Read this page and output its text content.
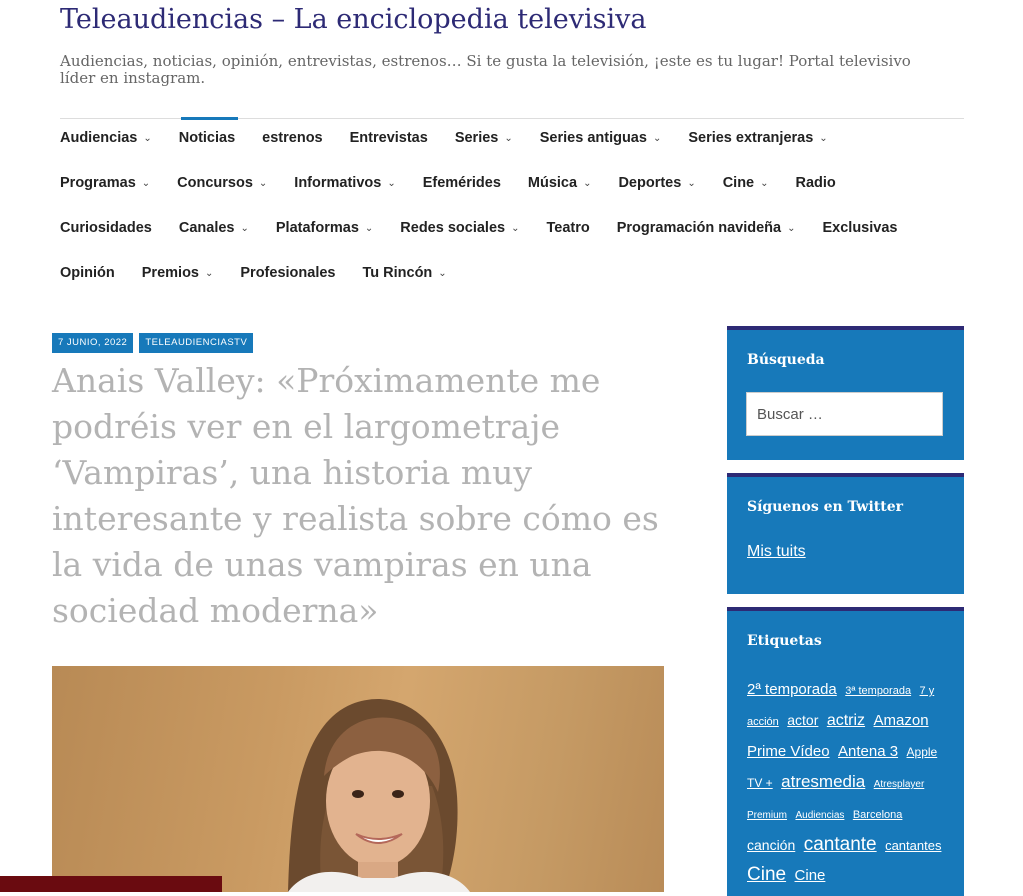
Teleaudiencias – La enciclopedia televisiva

Audiencias, noticias, opinión, entrevistas, estrenos… Si te gusta la televisión, ¡este es tu lugar! Portal televisivo líder en instagram.

Audiencias ⌄ Noticias estrenos Entrevistas Series ⌄ Series antiguas ⌄ Series extranjeras ⌄
Programas ⌄ Concursos ⌄ Informativos ⌄ Efemérides Música ⌄ Deportes ⌄ Cine ⌄ Radio
Curiosidades Canales ⌄ Plataformas ⌄ Redes sociales ⌄ Teatro Programación navideña ⌄ Exclusivas
Opinión Premios ⌄ Profesionales Tu Rincón ⌄
7 JUNIO, 2022	TELEAUDIENCIASTV
Anais Valley: «Próximamente me podréis ver en el largometraje ‘Vampiras’, una historia muy interesante y realista sobre cómo es la vida de unas vampiras en una sociedad moderna»
Búsqueda
Buscar …
Síguenos en Twitter
Mis tuits
Etiquetas
2ª temporada 3ª temporada 7 y acción actor actriz Amazon Prime Vídeo Antena 3 Apple TV + atresmedia Atresplayer Premium Audiencias Barcelona canción cantante cantantes Cine Cine
